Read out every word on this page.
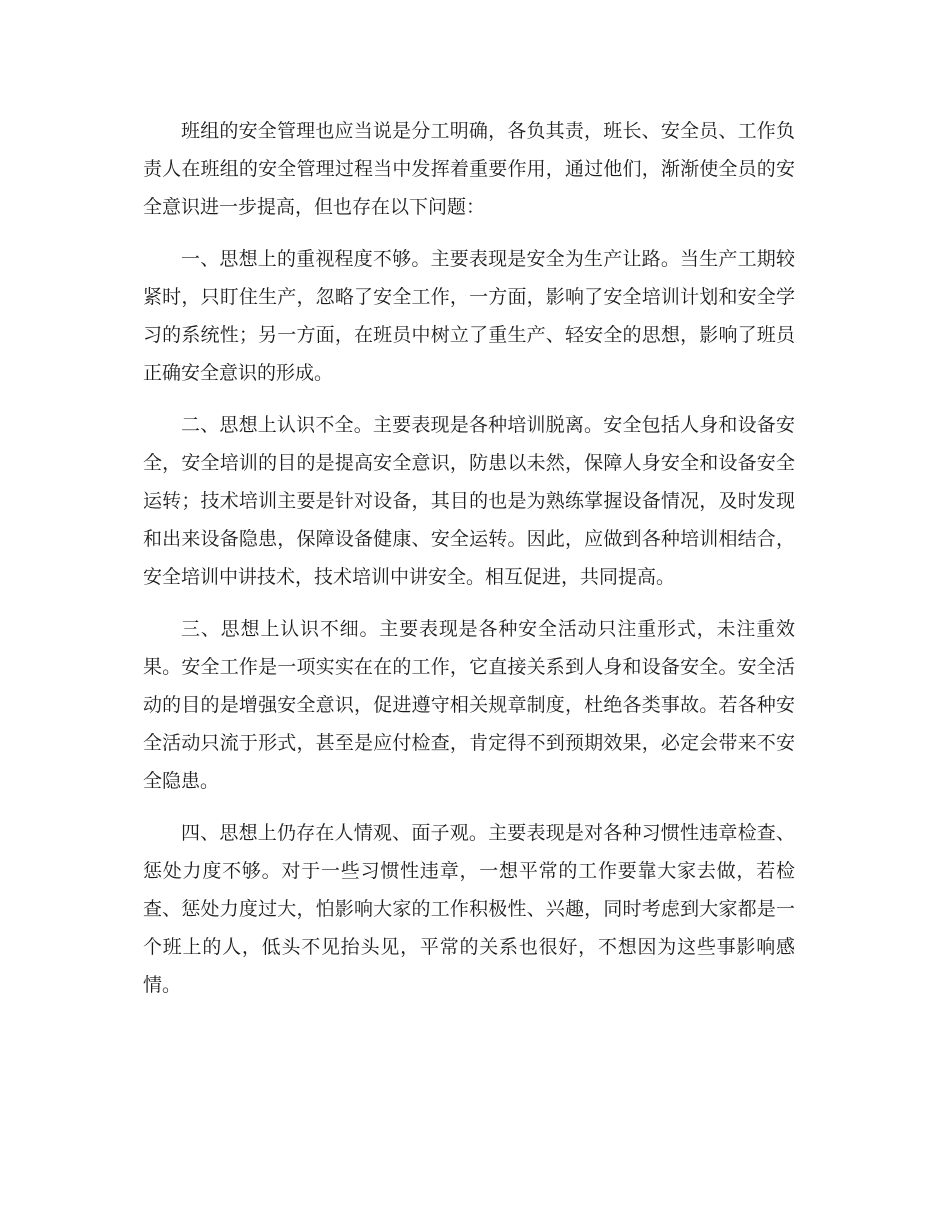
班组的安全管理也应当说是分工明确，各负其责，班长、安全员、工作负责人在班组的安全管理过程当中发挥着重要作用，通过他们，渐渐使全员的安全意识进一步提高，但也存在以下问题：

一、思想上的重视程度不够。主要表现是安全为生产让路。当生产工期较紧时，只盯住生产，忽略了安全工作，一方面，影响了安全培训计划和安全学习的系统性；另一方面，在班员中树立了重生产、轻安全的思想，影响了班员正确安全意识的形成。

二、思想上认识不全。主要表现是各种培训脱离。安全包括人身和设备安全，安全培训的目的是提高安全意识，防患以未然，保障人身安全和设备安全运转；技术培训主要是针对设备，其目的也是为熟练掌握设备情况，及时发现和出来设备隐患，保障设备健康、安全运转。因此，应做到各种培训相结合，安全培训中讲技术，技术培训中讲安全。相互促进，共同提高。

三、思想上认识不细。主要表现是各种安全活动只注重形式，未注重效果。安全工作是一项实实在在的工作，它直接关系到人身和设备安全。安全活动的目的是增强安全意识，促进遵守相关规章制度，杜绝各类事故。若各种安全活动只流于形式，甚至是应付检查，肯定得不到预期效果，必定会带来不安全隐患。

四、思想上仍存在人情观、面子观。主要表现是对各种习惯性违章检查、惩处力度不够。对于一些习惯性违章，一想平常的工作要靠大家去做，若检查、惩处力度过大，怕影响大家的工作积极性、兴趣，同时考虑到大家都是一个班上的人，低头不见抬头见，平常的关系也很好，不想因为这些事影响感情。
